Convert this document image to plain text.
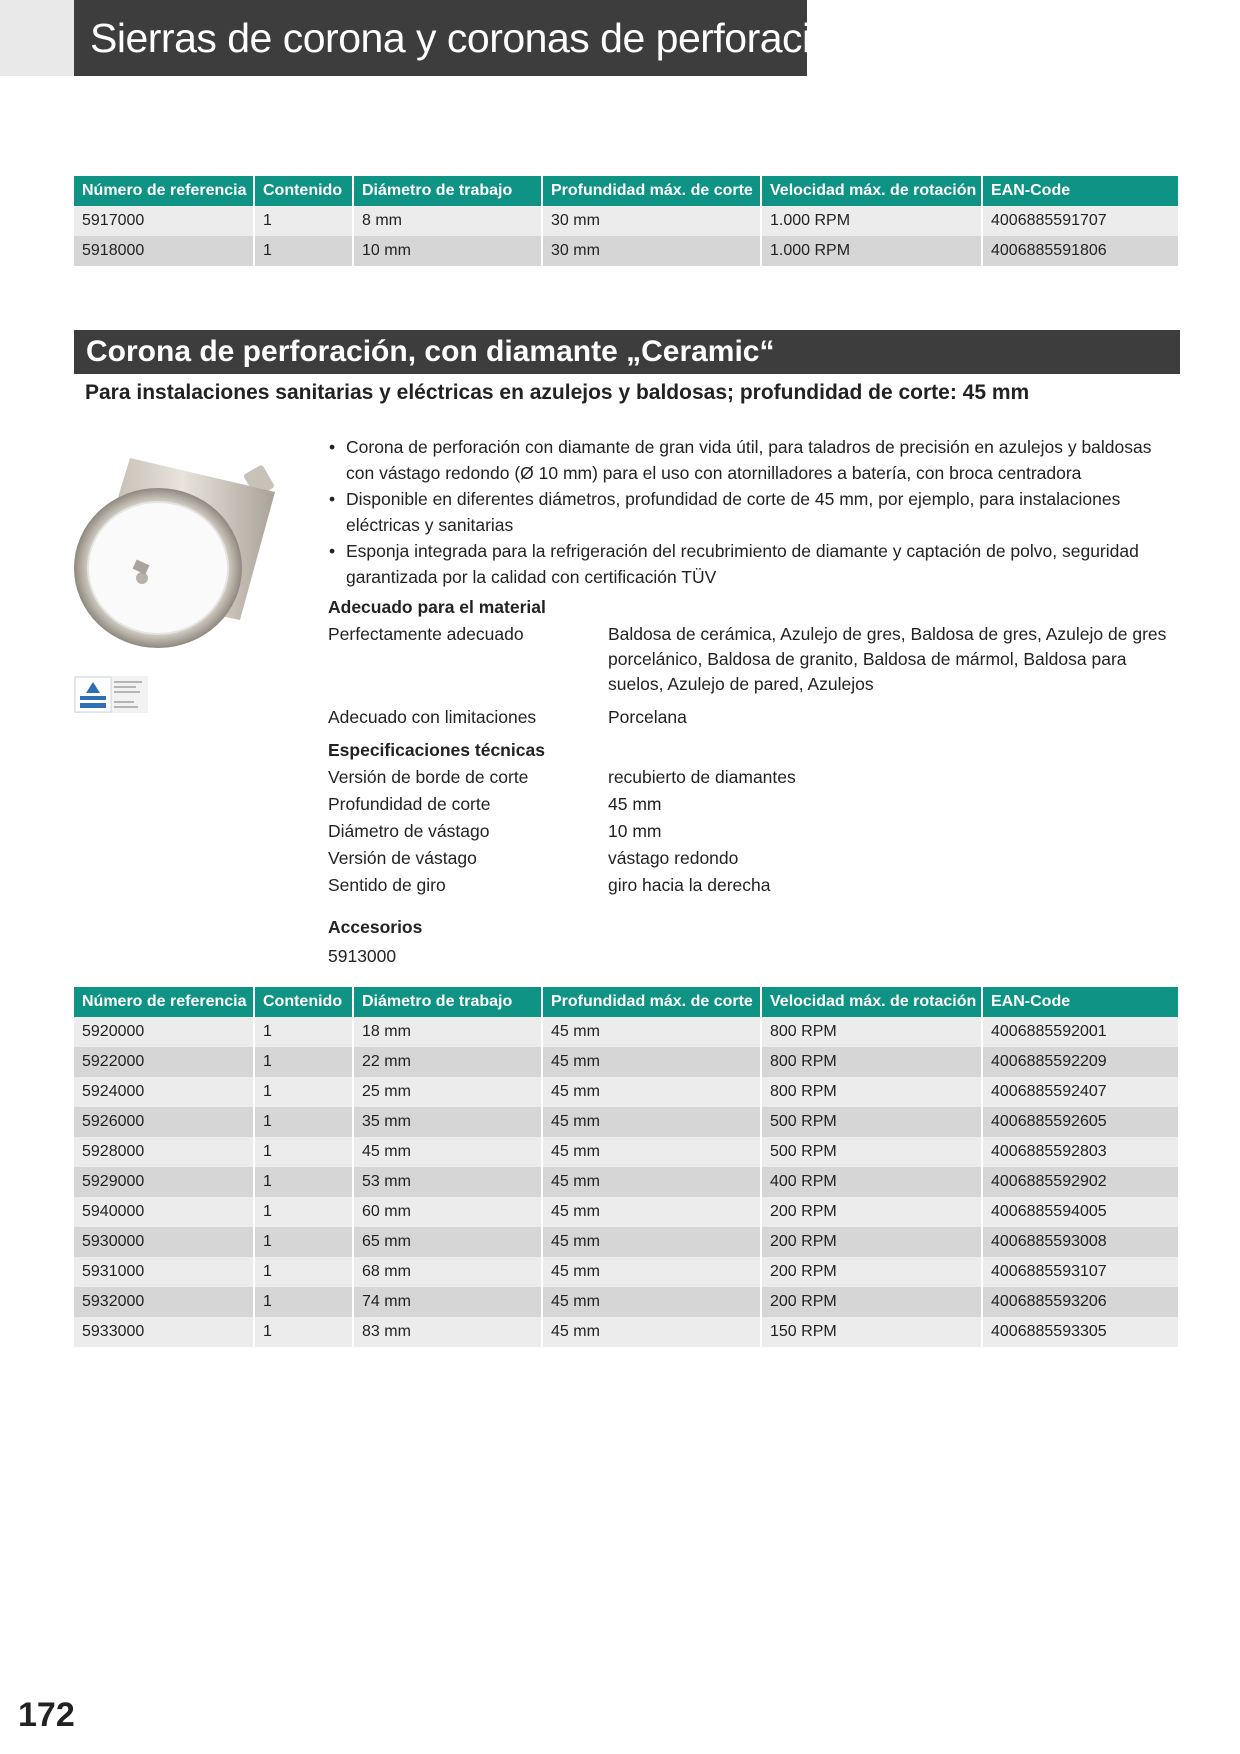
Sierras de corona y coronas de perforación
Número de referencia	Contenido	Diámetro de trabajo	Profundidad máx. de corte	Velocidad máx. de rotación	EAN-Code
5917000	1	8 mm	30 mm	1.000 RPM	4006885591707
5918000	1	10 mm	30 mm	1.000 RPM	4006885591806
Corona de perforación, con diamante „Ceramic“
Para instalaciones sanitarias y eléctricas en azulejos y baldosas; profundidad de corte: 45 mm
• Corona de perforación con diamante de gran vida útil, para taladros de precisión en azulejos y baldosas con vástago redondo (Ø 10 mm) para el uso con atornilladores a batería, con broca centradora
• Disponible en diferentes diámetros, profundidad de corte de 45 mm, por ejemplo, para instalaciones eléctricas y sanitarias
• Esponja integrada para la refrigeración del recubrimiento de diamante y captación de polvo, seguridad garantizada por la calidad con certificación TÜV
Adecuado para el material
Perfectamente adecuado	Baldosa de cerámica, Azulejo de gres, Baldosa de gres, Azulejo de gres porcelánico, Baldosa de granito, Baldosa de mármol, Baldosa para suelos, Azulejo de pared, Azulejos
Adecuado con limitaciones	Porcelana
Especificaciones técnicas
Versión de borde de corte	recubierto de diamantes
Profundidad de corte	45 mm
Diámetro de vástago	10 mm
Versión de vástago	vástago redondo
Sentido de giro	giro hacia la derecha
Accesorios
5913000
Número de referencia	Contenido	Diámetro de trabajo	Profundidad máx. de corte	Velocidad máx. de rotación	EAN-Code
5920000	1	18 mm	45 mm	800 RPM	4006885592001
5922000	1	22 mm	45 mm	800 RPM	4006885592209
5924000	1	25 mm	45 mm	800 RPM	4006885592407
5926000	1	35 mm	45 mm	500 RPM	4006885592605
5928000	1	45 mm	45 mm	500 RPM	4006885592803
5929000	1	53 mm	45 mm	400 RPM	4006885592902
5940000	1	60 mm	45 mm	200 RPM	4006885594005
5930000	1	65 mm	45 mm	200 RPM	4006885593008
5931000	1	68 mm	45 mm	200 RPM	4006885593107
5932000	1	74 mm	45 mm	200 RPM	4006885593206
5933000	1	83 mm	45 mm	150 RPM	4006885593305
172
